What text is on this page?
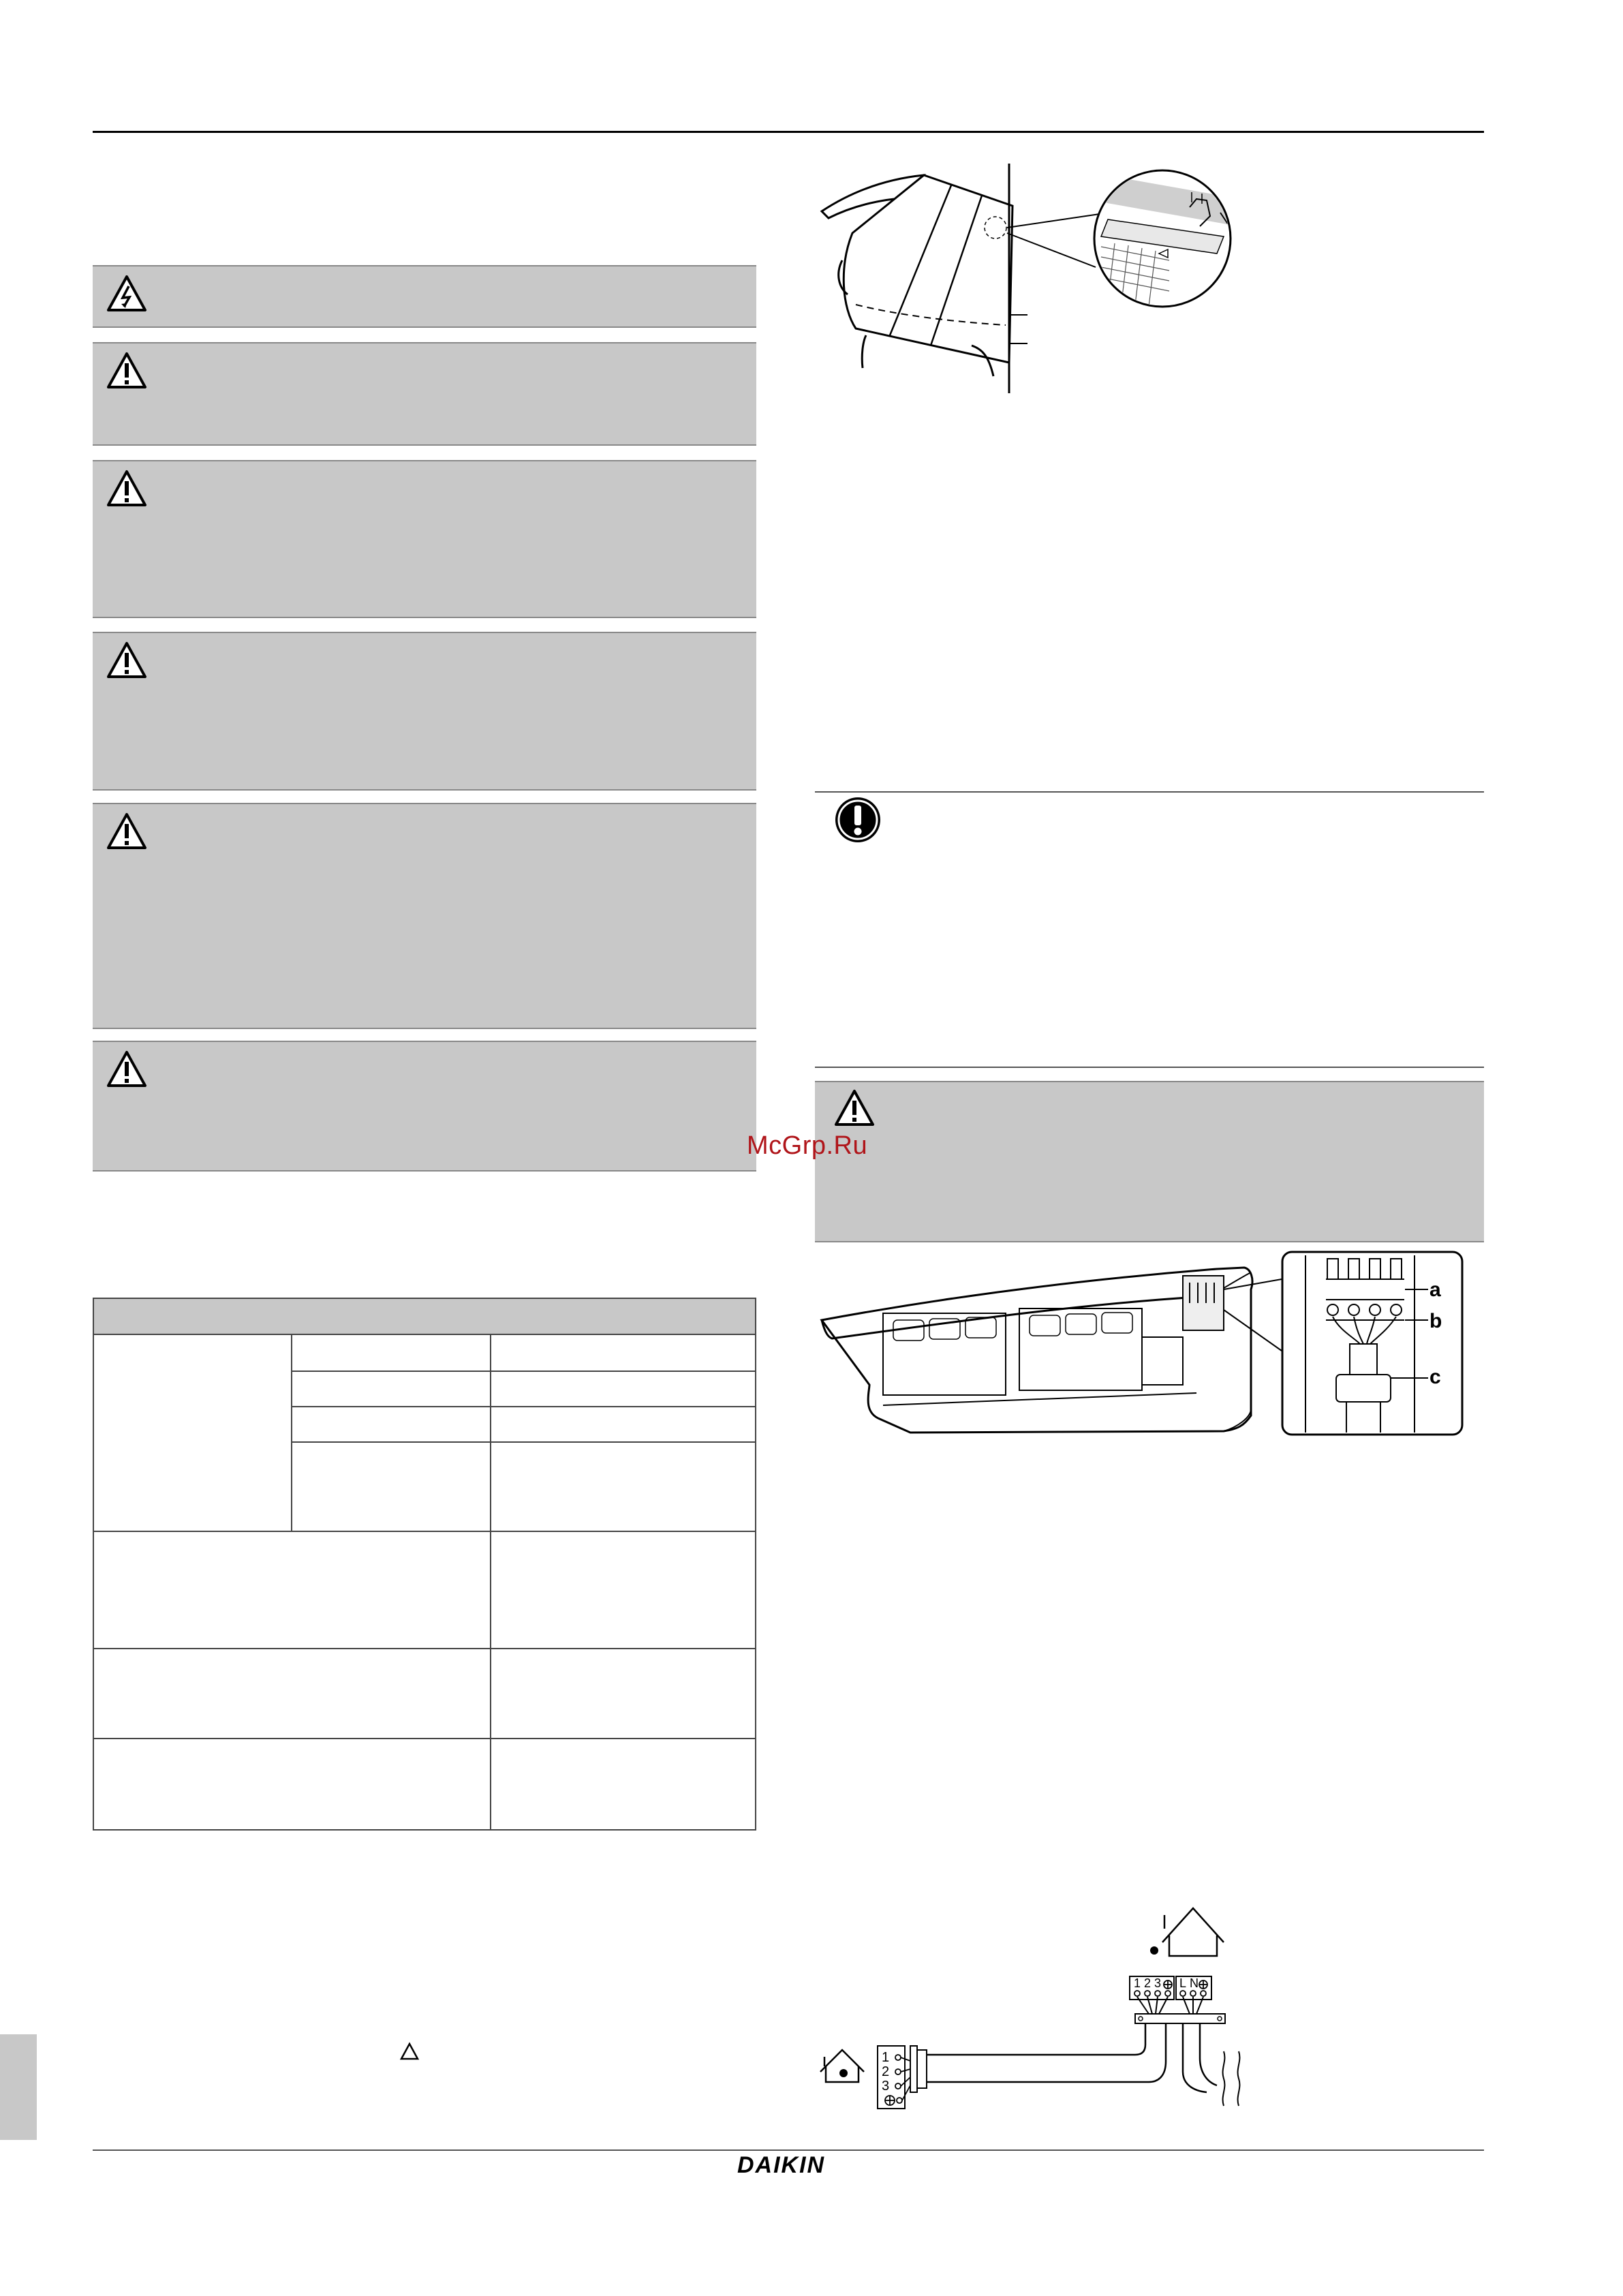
McGrp.Ru
a
b
c
1 2 3 L N
1
2
3
DAIKIN
